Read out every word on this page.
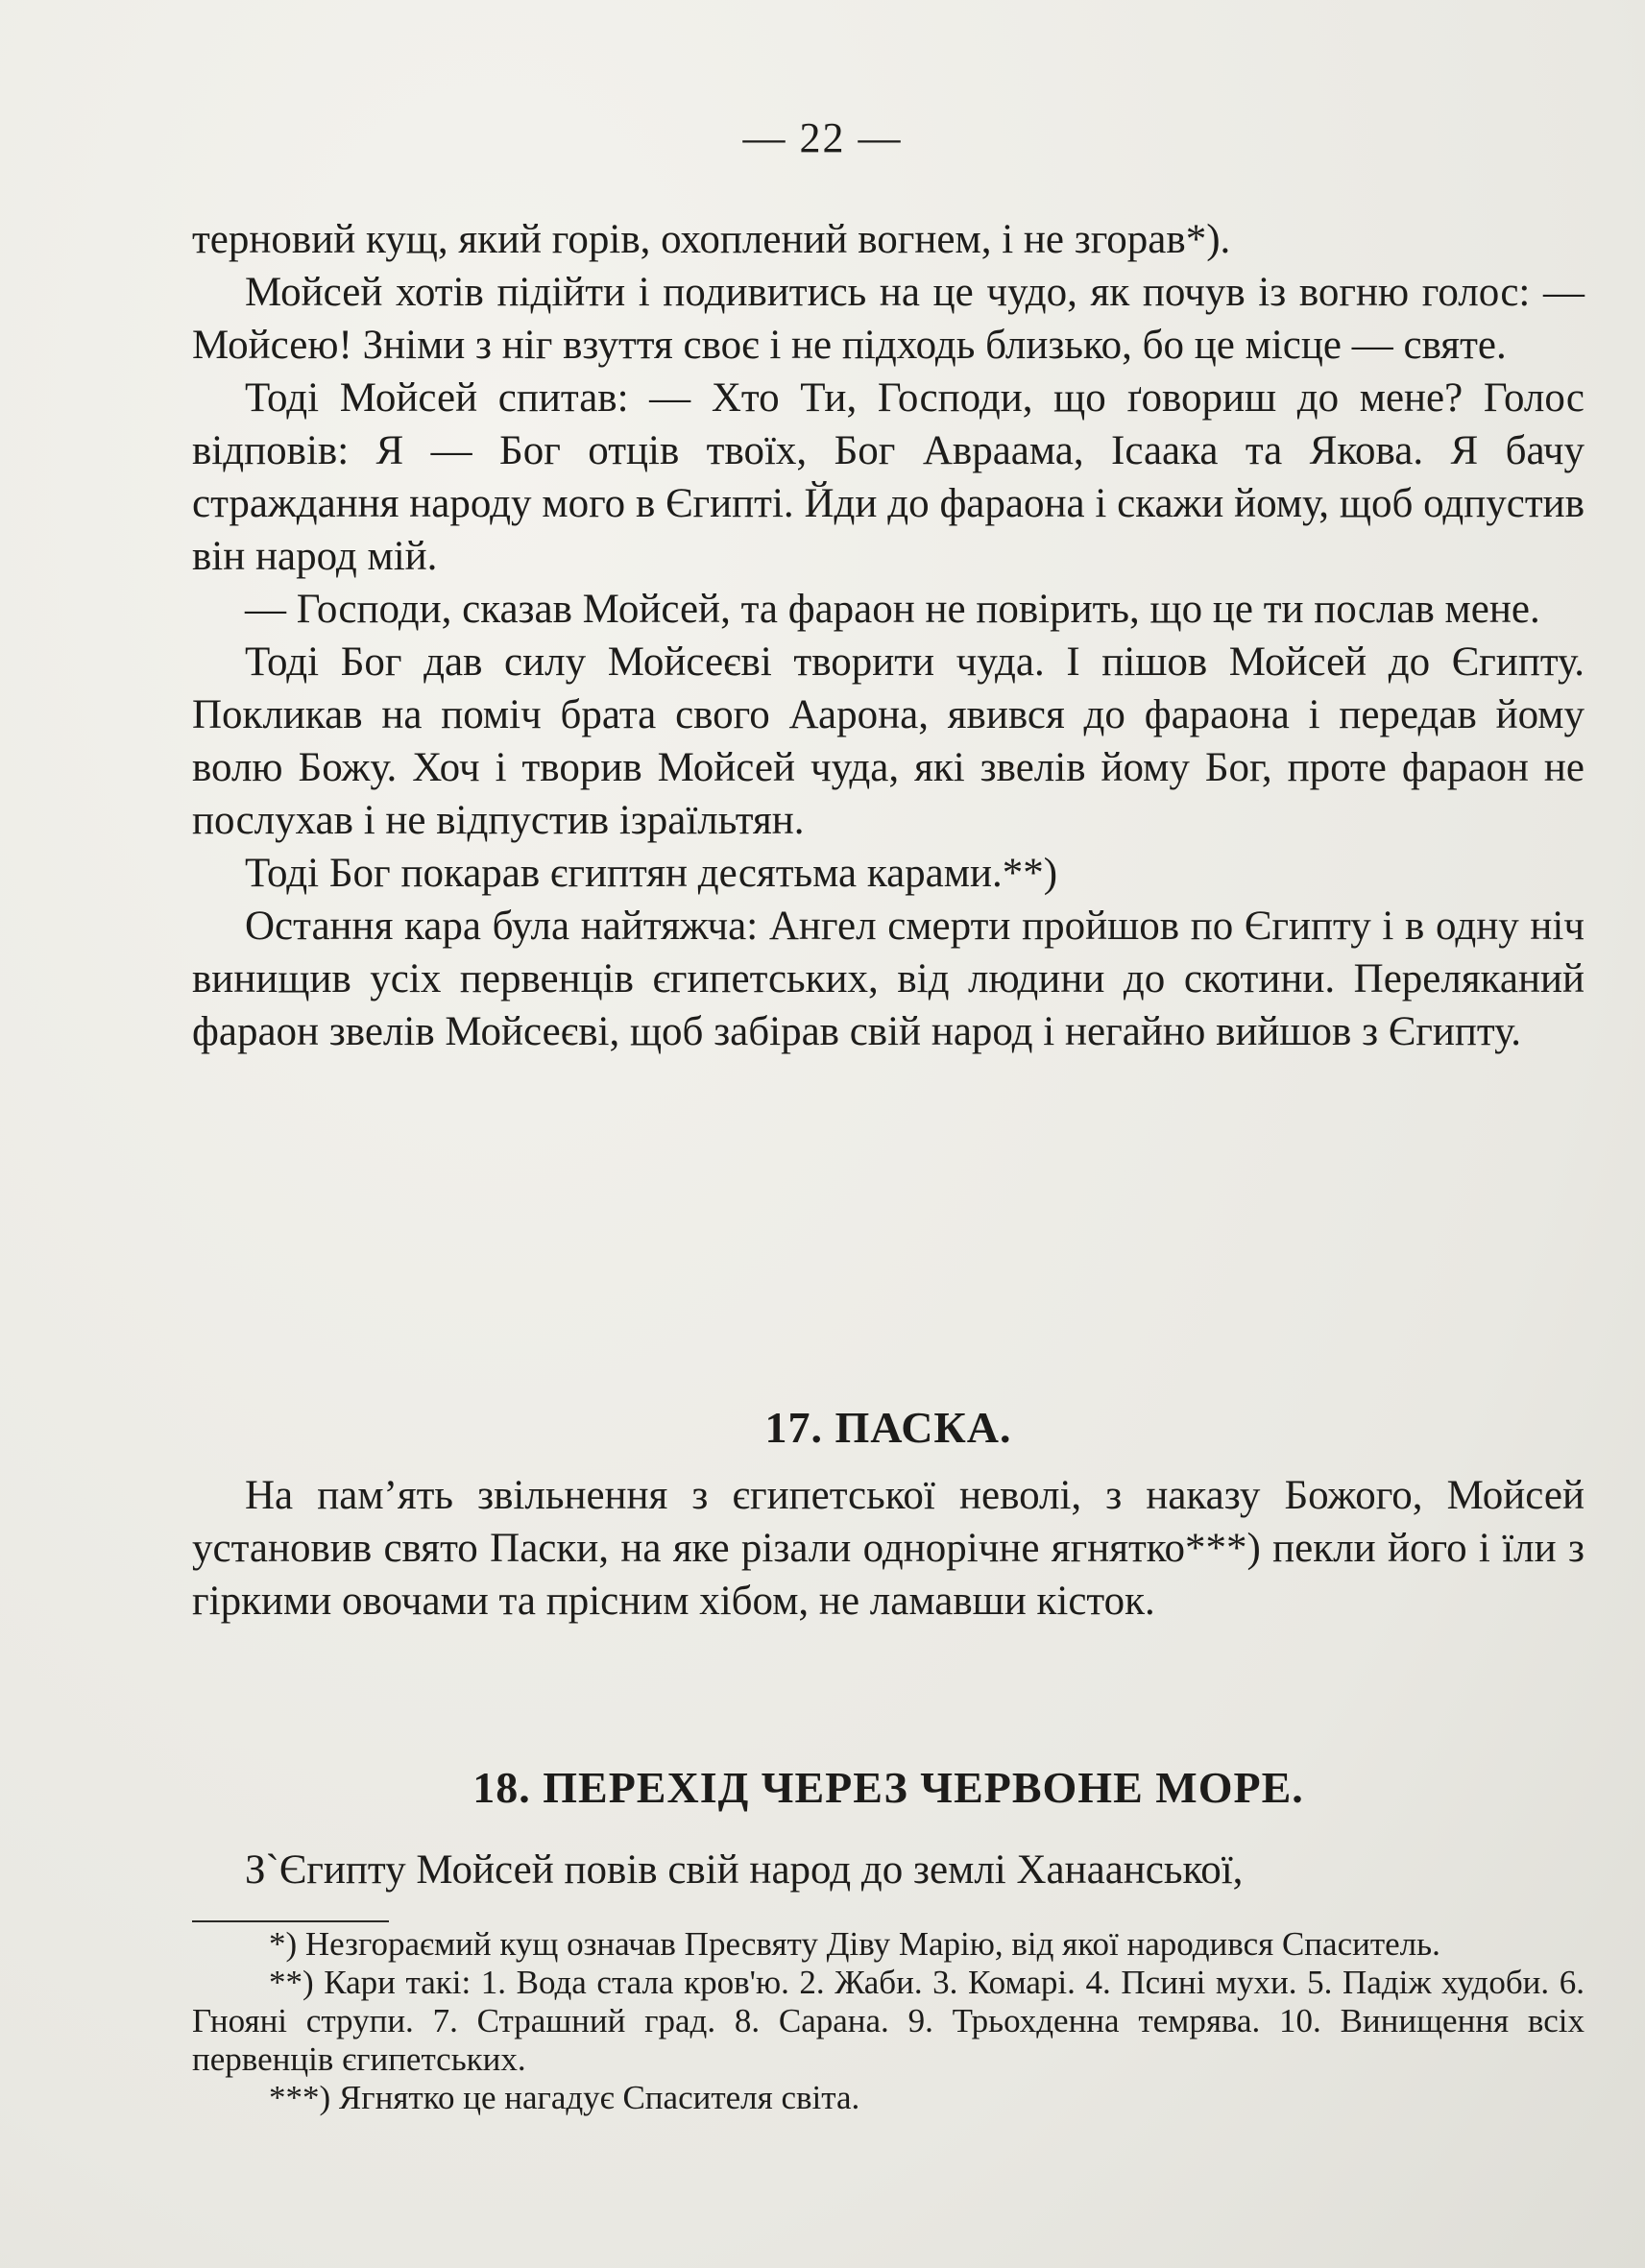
— 22 —

терновий кущ, який горів, охоплений вогнем, і не згорав*).

Мойсей хотів підійти і подивитись на це чудо, як почув із вогню голос: — Мойсею! Зніми з ніг взуття своє і не підходь близько, бо це місце — святе.

Тоді Мойсей спитав: — Хто Ти, Господи, що ґовориш до мене? Голос відповів: Я — Бог отців твоїх, Бог Авраама, Ісаака та Якова. Я бачу страждання народу мого в Єгипті. Йди до фараона і скажи йому, щоб одпустив він народ мій.

— Господи, сказав Мойсей, та фараон не повірить, що це ти послав мене.

Тоді Бог дав силу Мойсеєві творити чуда. І пішов Мойсей до Єгипту. Покликав на поміч брата свого Аарона, явився до фараона і передав йому волю Божу. Хоч і творив Мойсей чуда, які звелів йому Бог, проте фараон не послухав і не відпустив ізраїльтян.

Тоді Бог покарав єгиптян десятьма карами.**)

Остання кара була найтяжча: Ангел смерти пройшов по Єгипту і в одну ніч винищив усіх первенців єгипетських, від людини до скотини. Переляканий фараон звелів Мойсеєві, щоб забірав свій народ і негайно вийшов з Єгипту.

17. ПАСКА.

На пам’ять звільнення з єгипетської неволі, з наказу Божого, Мойсей установив свято Паски, на яке різали однорічне ягнятко***) пекли його і їли з гіркими овочами та прісним хібом, не ламавши кісток.

18. ПЕРЕХІД ЧЕРЕЗ ЧЕРВОНЕ МОРЕ.

З`Єгипту Мойсей повів свій народ до землі Ханаанської,

*) Незгораємий кущ означав Пресвяту Діву Марію, від якої народився Спаситель.

**) Кари такі: 1. Вода стала кров'ю. 2. Жаби. 3. Комарі. 4. Псині мухи. 5. Падіж худоби. 6. Гнояні струпи. 7. Страшний град. 8. Сарана. 9. Трьохденна темрява. 10. Винищення всіх первенців єгипетських.

***) Ягнятко це нагадує Спасителя світа.
